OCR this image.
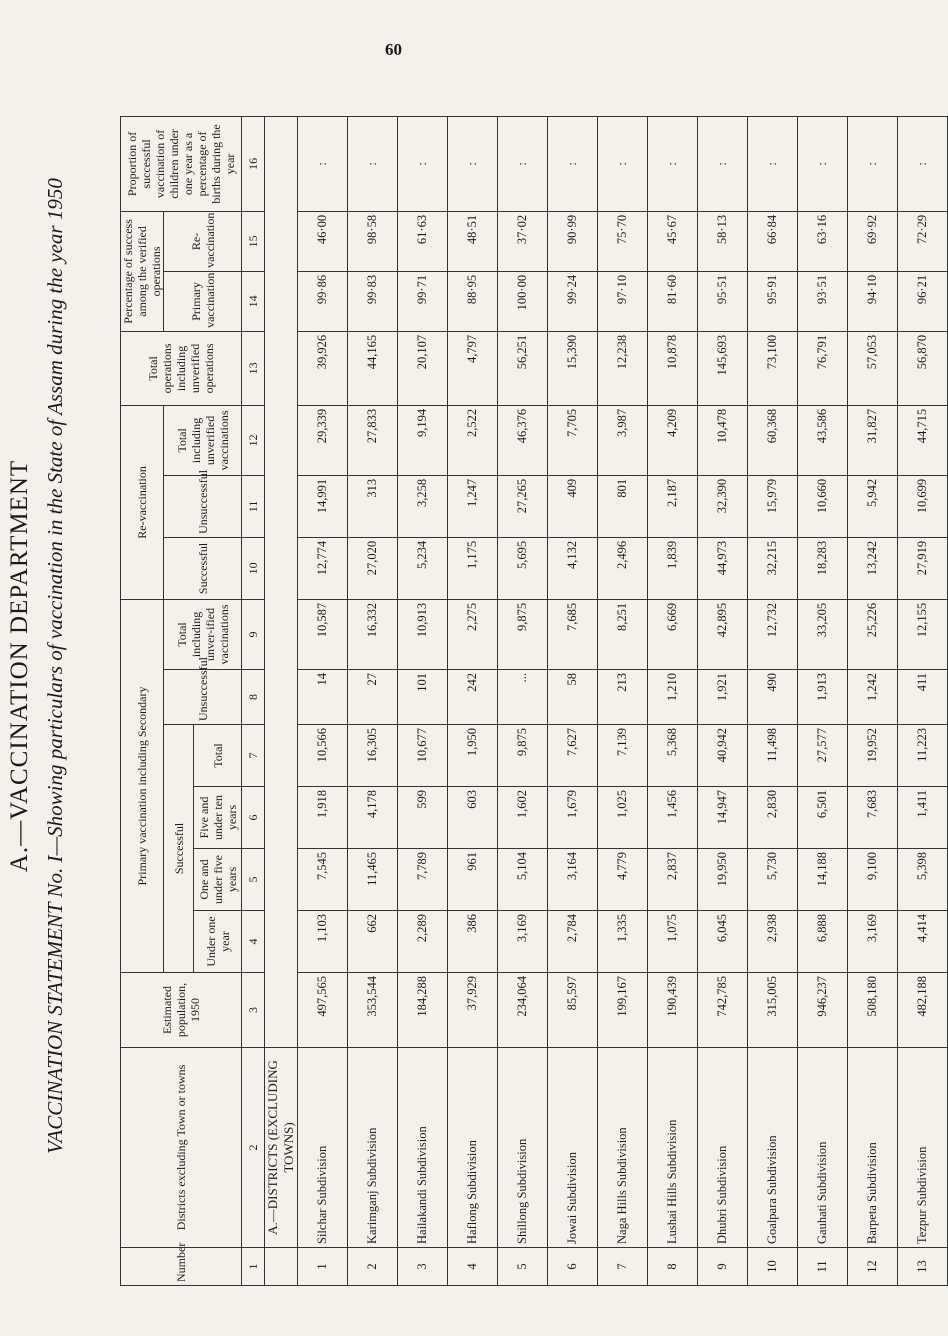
60
A.—VACCINATION DEPARTMENT VACCINATION STATEMENT No. I—Showing particulars of vaccination in the State of Assam during the year 1950
Number	Districts excluding Town or towns	Estimated population, 1950	Primary vaccination including Secondary						Re-vaccination			Total operations including unverified operations	Percentage of success among the verified operations		Proportion of successful vaccination of children under one year as a percentage of births during the year
			Successful				Unsuccessful	Total including unver-ified vaccinations	Successful	Unsuccessful	Total including unverified vaccinations		Primary vaccination	Re-vaccination	
			Under one year	One and under five years	Five and under ten years	Total									
1	2	3	4	5	6	7	8	9	10	11	12	13	14	15	16
	A.—DISTRICTS (EXCLUDING TOWNS)														
1	Silchar Subdivision	497,565	1,103	7,545	1,918	10,566	14	10,587	12,774	14,991	29,339	39,926	99·86	46·00	:
2	Karimganj Subdivision	353,544	662	11,465	4,178	16,305	27	16,332	27,020	313	27,833	44,165	99·83	98·58	:
3	Hailakandi Subdivision	184,288	2,289	7,789	599	10,677	101	10,913	5,234	3,258	9,194	20,107	99·71	61·63	:
4	Haflong Subdivision	37,929	386	961	603	1,950	242	2,275	1,175	1,247	2,522	4,797	88·95	48·51	:
5	Shillong Subdivision	234,064	3,169	5,104	1,602	9,875	...	9,875	5,695	27,265	46,376	56,251	100·00	37·02	:
6	Jowai Subdivision	85,597	2,784	3,164	1,679	7,627	58	7,685	4,132	409	7,705	15,390	99·24	90·99	:
7	Naga Hills Subdivision	199,167	1,335	4,779	1,025	7,139	213	8,251	2,496	801	3,987	12,238	97·10	75·70	:
8	Lushai Hills Subdivision	190,439	1,075	2,837	1,456	5,368	1,210	6,669	1,839	2,187	4,209	10,878	81·60	45·67	:
9	Dhubri Subdivision	742,785	6,045	19,950	14,947	40,942	1,921	42,895	44,973	32,390	10,478	145,693	95·51	58·13	:
10	Goalpara Subdivision	315,005	2,938	5,730	2,830	11,498	490	12,732	32,215	15,979	60,368	73,100	95·91	66·84	:
11	Gauhati Subdivision	946,237	6,888	14,188	6,501	27,577	1,913	33,205	18,283	10,660	43,586	76,791	93·51	63·16	:
12	Barpeta Subdivision	508,180	3,169	9,100	7,683	19,952	1,242	25,226	13,242	5,942	31,827	57,053	94·10	69·92	:
13	Tezpur Subdivision	482,188	4,414	5,398	1,411	11,223	411	12,155	27,919	10,699	44,715	56,870	96·21	72·29	:
